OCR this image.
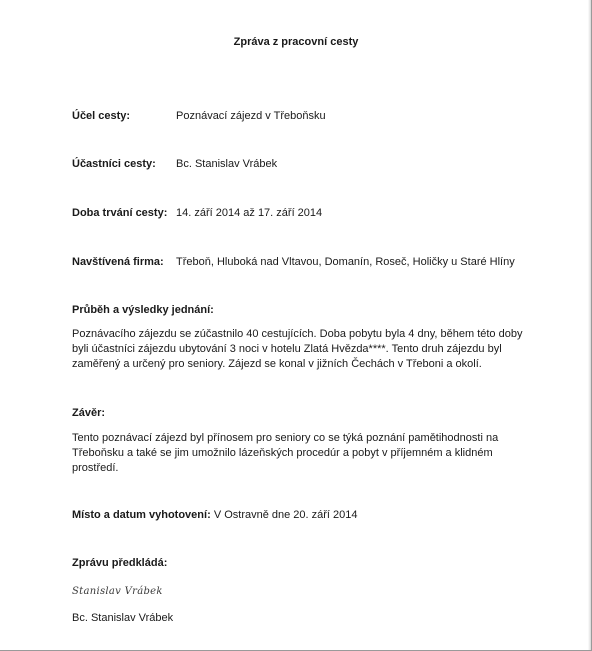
Zpráva z pracovní cesty
Účel cesty:	Poznávací zájezd v Třeboňsku
Účastníci cesty: Bc. Stanislav Vrábek
Doba trvání cesty: 14. září 2014 až 17. září 2014
Navštívená firma: Třeboň, Hluboká nad Vltavou, Domanín, Roseč, Holičky u Staré Hlíny
Průběh a výsledky jednání:

Poznávacího zájezdu se zúčastnilo 40 cestujících. Doba pobytu byla 4 dny, během této doby byli účastníci zájezdu ubytování 3 noci v hotelu Zlatá Hvězda****. Tento druh zájezdu byl zaměřený a určený pro seniory. Zájezd se konal v jižních Čechách v Třeboni a okolí.

Závěr:

Tento poznávací zájezd byl přínosem pro seniory co se týká poznání pamětihodnosti na Třeboňsku a také se jim umožnilo lázeňských procedúr a pobyt v příjemném a klidném prostředí.

Místo a datum vyhotovení: V Ostravně dne 20. září 2014
Zprávu předkládá:
Stanislav Vrábek
Bc. Stanislav Vrábek
